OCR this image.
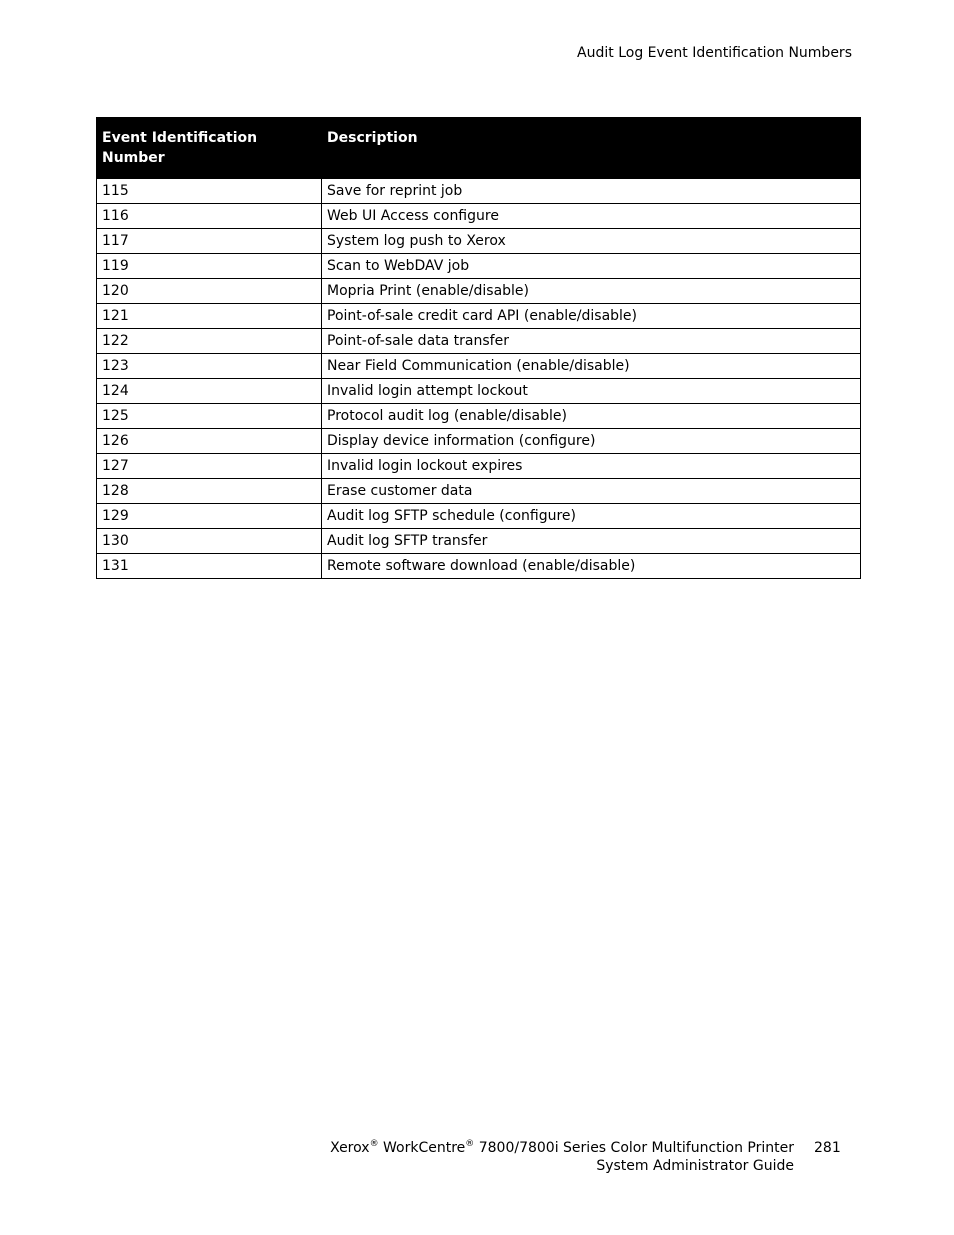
Audit Log Event Identification Numbers
Event Identification Number	Description
115	Save for reprint job
116	Web UI Access configure
117	System log push to Xerox
119	Scan to WebDAV job
120	Mopria Print (enable/disable)
121	Point-of-sale credit card API (enable/disable)
122	Point-of-sale data transfer
123	Near Field Communication (enable/disable)
124	Invalid login attempt lockout
125	Protocol audit log (enable/disable)
126	Display device information (configure)
127	Invalid login lockout expires
128	Erase customer data
129	Audit log SFTP schedule (configure)
130	Audit log SFTP transfer
131	Remote software download (enable/disable)
Xerox® WorkCentre® 7800/7800i Series Color Multifunction Printer
System Administrator Guide
281
